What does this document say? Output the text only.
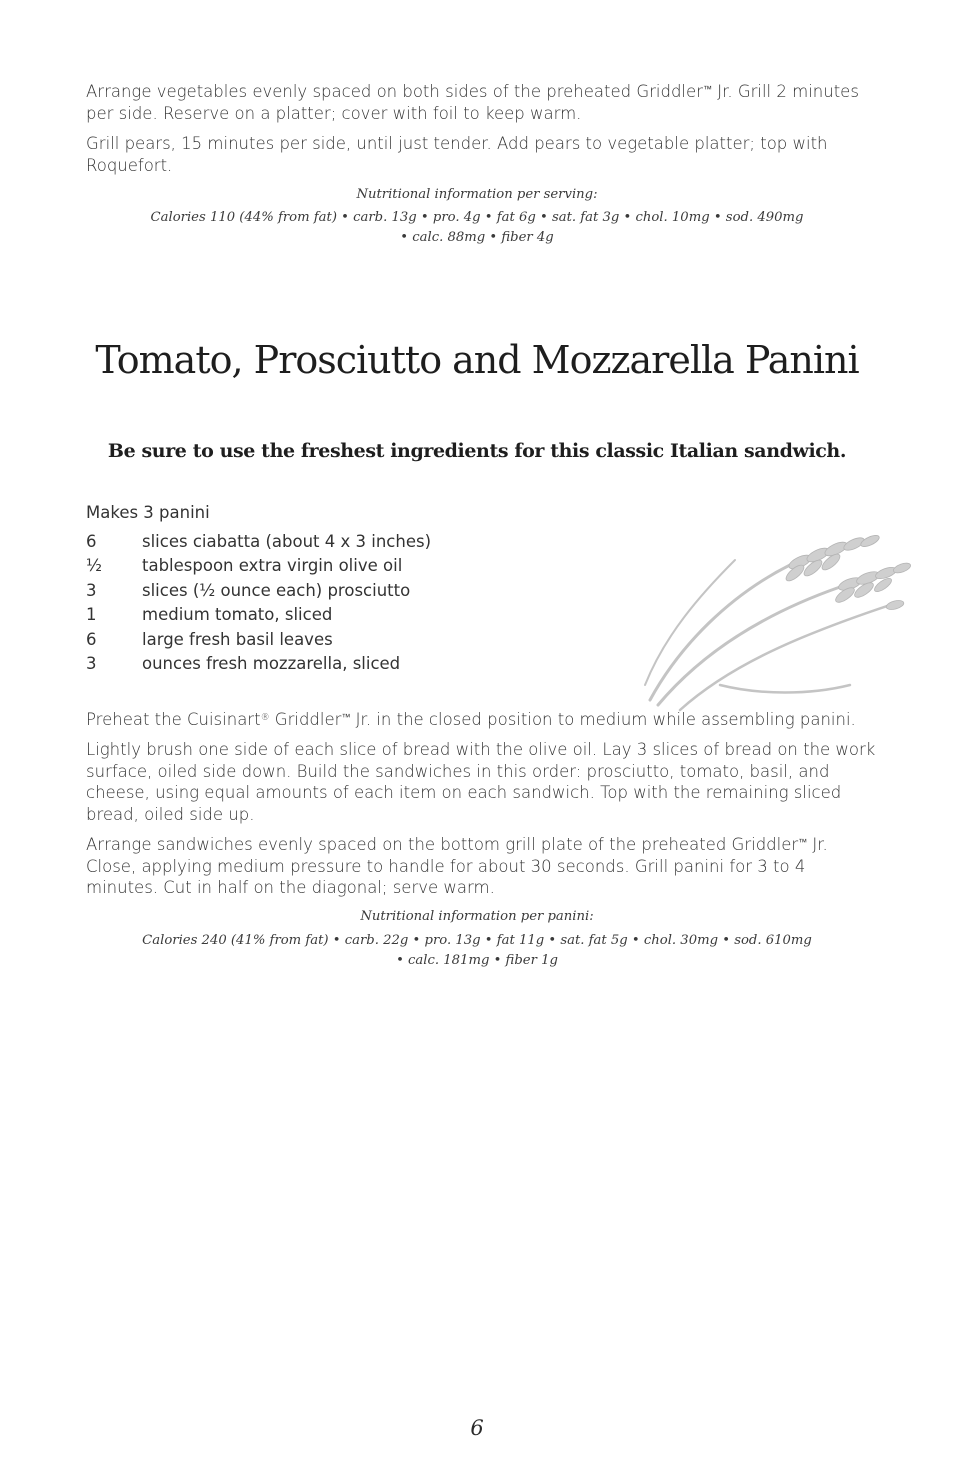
Arrange vegetables evenly spaced on both sides of the preheated Griddler™ Jr. Grill 2 minutes per side. Reserve on a platter; cover with foil to keep warm.

Grill pears, 15 minutes per side, until just tender. Add pears to vegetable platter; top with Roquefort.

Nutritional information per serving:

Calories 110 (44% from fat) • carb. 13g • pro. 4g • fat 6g • sat. fat 3g • chol. 10mg • sod. 490mg

• calc. 88mg • fiber 4g

Tomato, Prosciutto and Mozzarella Panini
Be sure to use the freshest ingredients for this classic Italian sandwich.

Makes 3 panini

6	slices ciabatta (about 4 x 3 inches)
½	tablespoon extra virgin olive oil
3	slices (½ ounce each) prosciutto
1	medium tomato, sliced
6	large fresh basil leaves
3	ounces fresh mozzarella, sliced

Preheat the Cuisinart® Griddler™ Jr. in the closed position to medium while assembling panini.

Lightly brush one side of each slice of bread with the olive oil. Lay 3 slices of bread on the work surface, oiled side down. Build the sandwiches in this order: prosciutto, tomato, basil, and cheese, using equal amounts of each item on each sandwich. Top with the remaining sliced bread, oiled side up.

Arrange sandwiches evenly spaced on the bottom grill plate of the preheated Griddler™ Jr. Close, applying medium pressure to handle for about 30 seconds. Grill panini for 3 to 4 minutes. Cut in half on the diagonal; serve warm.

Nutritional information per panini:

Calories 240 (41% from fat) • carb. 22g • pro. 13g • fat 11g • sat. fat 5g • chol. 30mg • sod. 610mg

• calc. 181mg • fiber 1g

6
